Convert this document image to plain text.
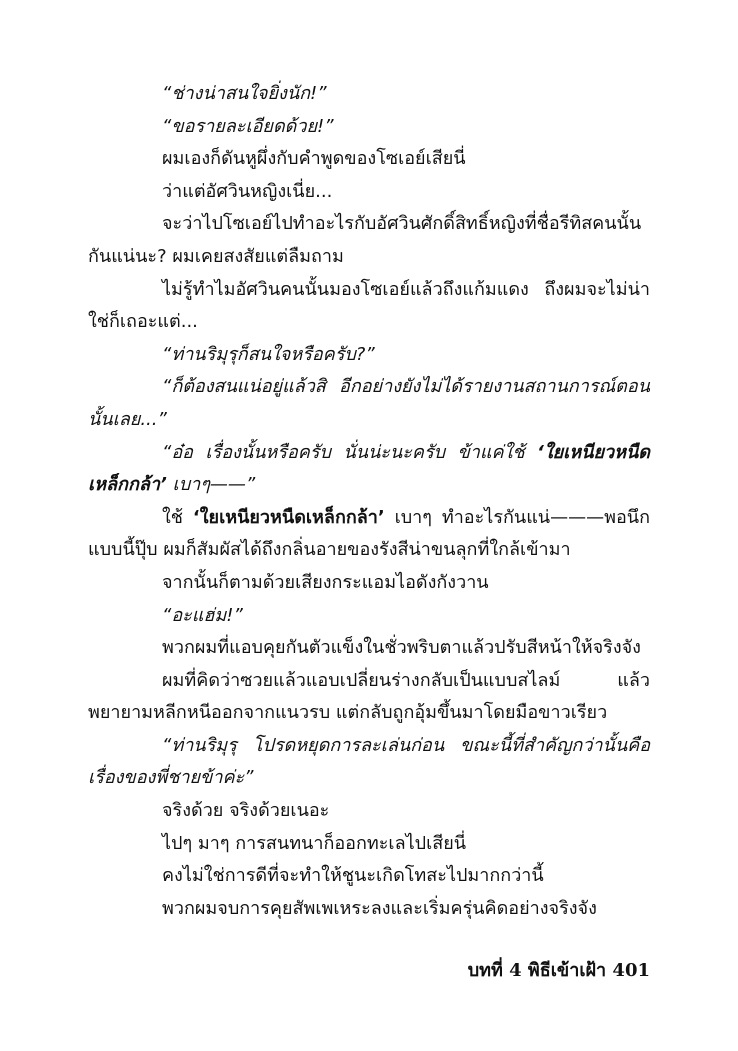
“ช่างน่าสนใจยิ่งนัก!”

“ขอรายละเอียดด้วย!”

ผมเองก็ดันหูผึ่งกับคำพูดของโซเอย์เสียนี่

ว่าแต่อัศวินหญิงเนี่ย...

จะว่าไปโซเอย์ไปทำอะไรกับอัศวินศักดิ์สิทธิ์หญิงที่ชื่อรีทิสคนนั้นกันแน่นะ? ผมเคยสงสัยแต่ลืมถาม

ไม่รู้ทำไมอัศวินคนนั้นมองโซเอย์แล้วถึงแก้มแดง ถึงผมจะไม่น่าใช่ก็เถอะแต่...

“ท่านริมุรุก็สนใจหรือครับ?”

“ก็ต้องสนแน่อยู่แล้วสิ อีกอย่างยังไม่ได้รายงานสถานการณ์ตอนนั้นเลย...”

“อ๋อ เรื่องนั้นหรือครับ นั่นน่ะนะครับ ข้าแค่ใช้ ‘ใยเหนียวหนืดเหล็กกล้า’ เบาๆ——”

ใช้ ‘ใยเหนียวหนืดเหล็กกล้า’ เบาๆ ทำอะไรกันแน่———พอนึกแบบนี้ปุ๊บ ผมก็สัมผัสได้ถึงกลิ่นอายของรังสีน่าขนลุกที่ใกล้เข้ามา

จากนั้นก็ตามด้วยเสียงกระแอมไอดังกังวาน

“อะแฮ่ม!”

พวกผมที่แอบคุยกันตัวแข็งในชั่วพริบตาแล้วปรับสีหน้าให้จริงจัง

ผมที่คิดว่าซวยแล้วแอบเปลี่ยนร่างกลับเป็นแบบสไลม์ แล้วพยายามหลีกหนีออกจากแนวรบ แต่กลับถูกอุ้มขึ้นมาโดยมือขาวเรียว

“ท่านริมุรุ โปรดหยุดการละเล่นก่อน ขณะนี้ที่สำคัญกว่านั้นคือเรื่องของพี่ชายข้าค่ะ”

จริงด้วย จริงด้วยเนอะ

ไปๆ มาๆ การสนทนาก็ออกทะเลไปเสียนี่

คงไม่ใช่การดีที่จะทำให้ชูนะเกิดโทสะไปมากกว่านี้

พวกผมจบการคุยสัพเพเหระลงและเริ่มครุ่นคิดอย่างจริงจัง

บทที่ 4 พิธีเข้าเฝ้า 401
